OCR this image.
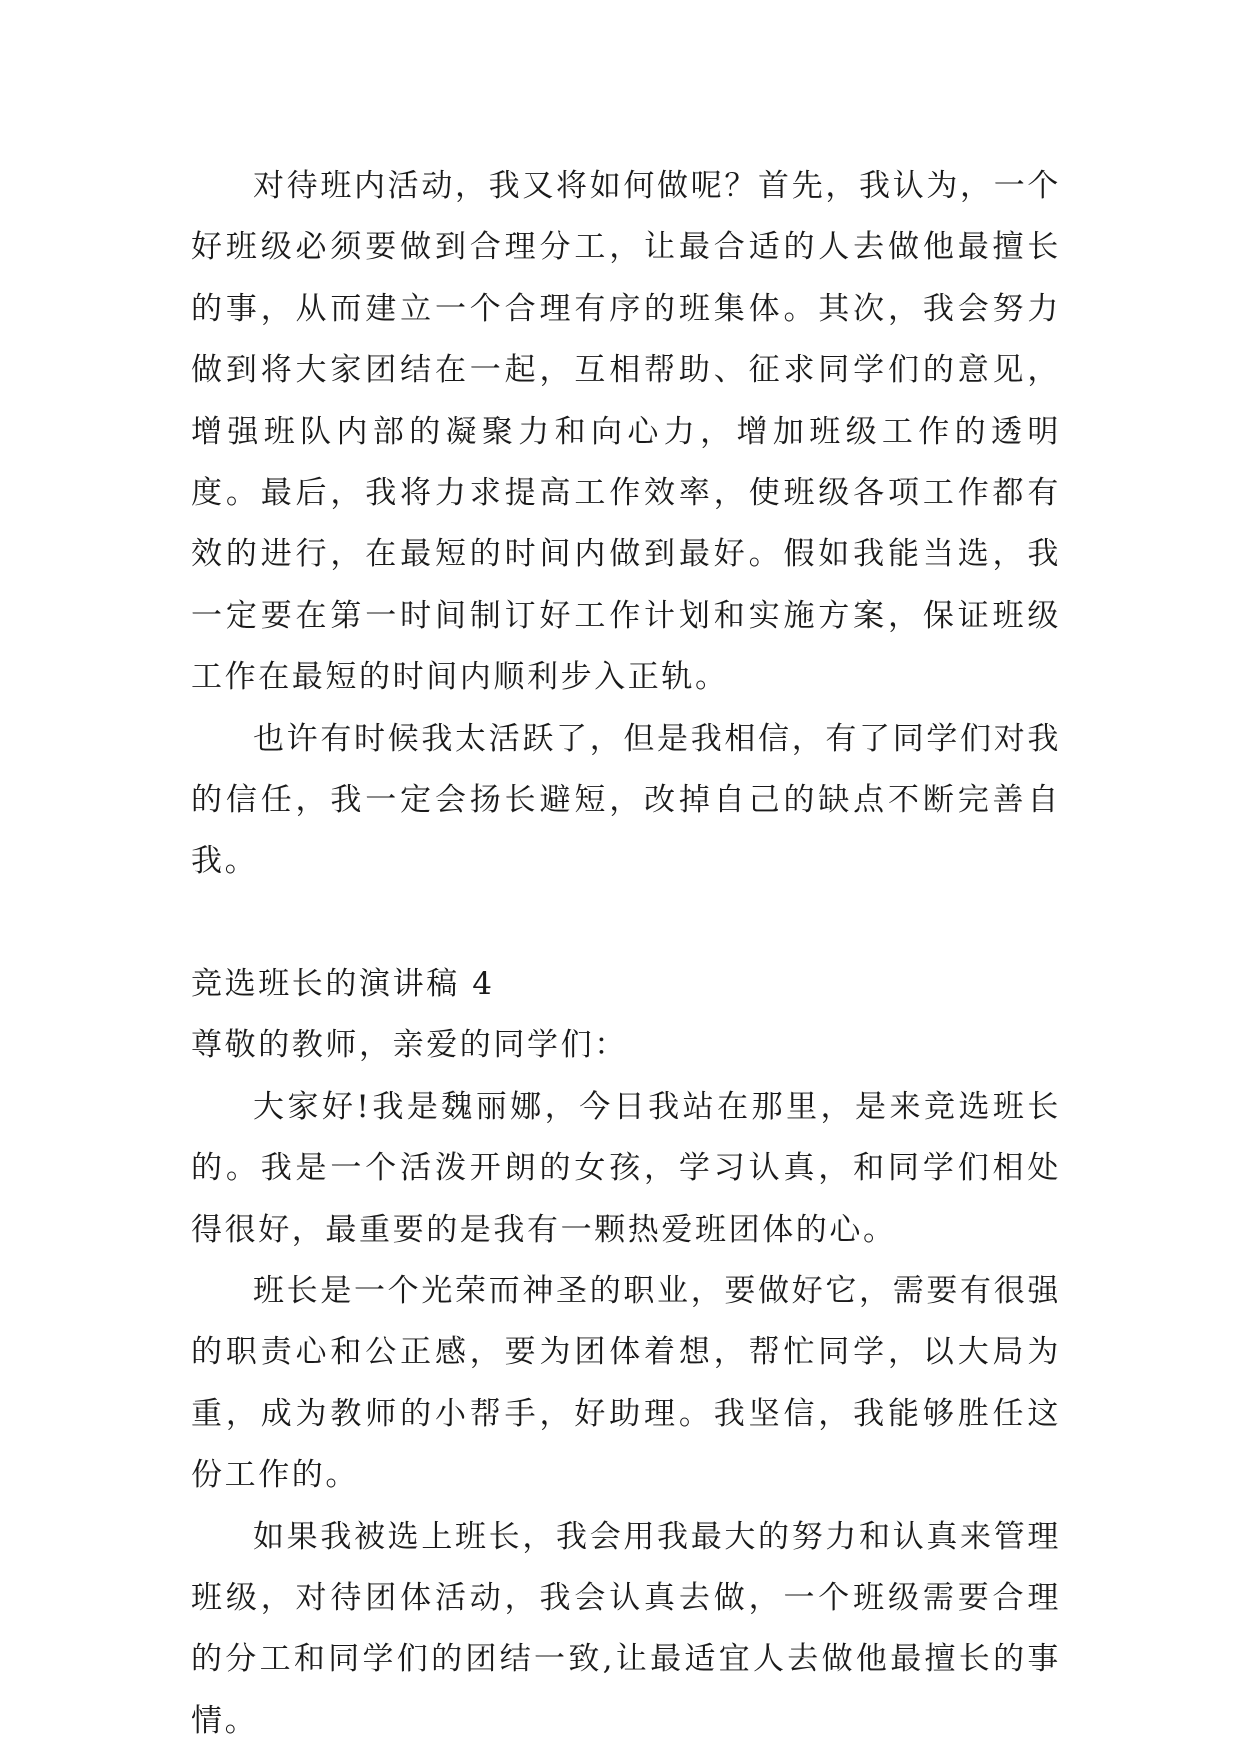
对待班内活动，我又将如何做呢？首先，我认为，一个好班级必须要做到合理分工，让最合适的人去做他最擅长的事，从而建立一个合理有序的班集体。其次，我会努力做到将大家团结在一起，互相帮助、征求同学们的意见，增强班队内部的凝聚力和向心力，增加班级工作的透明度。最后，我将力求提高工作效率，使班级各项工作都有效的进行，在最短的时间内做到最好。假如我能当选，我一定要在第一时间制订好工作计划和实施方案，保证班级工作在最短的时间内顺利步入正轨。

也许有时候我太活跃了，但是我相信，有了同学们对我的信任，我一定会扬长避短，改掉自己的缺点不断完善自我。

竞选班长的演讲稿 4

尊敬的教师，亲爱的同学们：

大家好!我是魏丽娜，今日我站在那里，是来竞选班长的。我是一个活泼开朗的女孩，学习认真，和同学们相处得很好，最重要的是我有一颗热爱班团体的心。

班长是一个光荣而神圣的职业，要做好它，需要有很强的职责心和公正感，要为团体着想，帮忙同学，以大局为重，成为教师的小帮手，好助理。我坚信，我能够胜任这份工作的。

如果我被选上班长，我会用我最大的努力和认真来管理班级，对待团体活动，我会认真去做，一个班级需要合理的分工和同学们的团结一致,让最适宜人去做他最擅长的事情。
